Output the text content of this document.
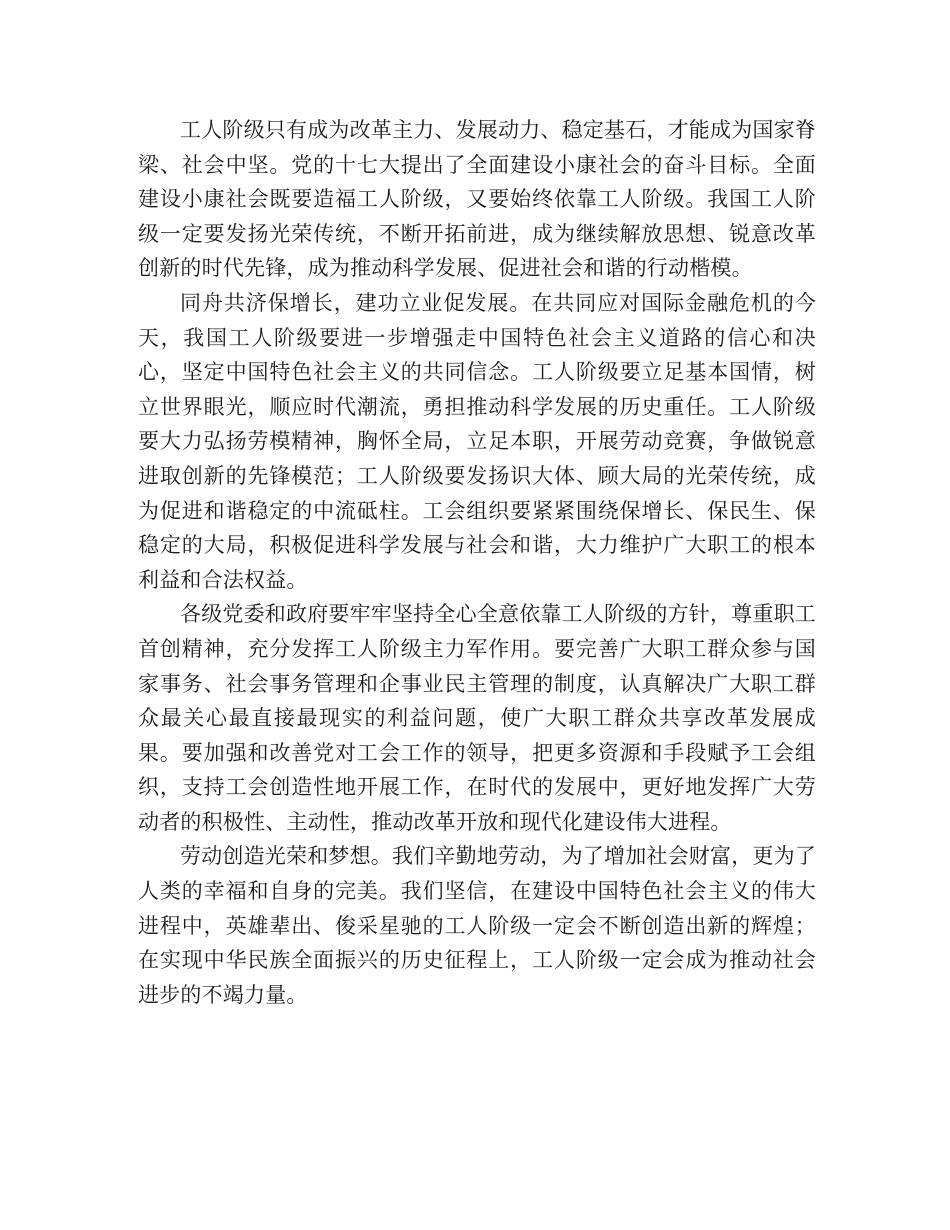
工人阶级只有成为改革主力、发展动力、稳定基石，才能成为国家脊梁、社会中坚。党的十七大提出了全面建设小康社会的奋斗目标。全面建设小康社会既要造福工人阶级，又要始终依靠工人阶级。我国工人阶级一定要发扬光荣传统，不断开拓前进，成为继续解放思想、锐意改革创新的时代先锋，成为推动科学发展、促进社会和谐的行动楷模。

同舟共济保增长，建功立业促发展。在共同应对国际金融危机的今天，我国工人阶级要进一步增强走中国特色社会主义道路的信心和决心，坚定中国特色社会主义的共同信念。工人阶级要立足基本国情，树立世界眼光，顺应时代潮流，勇担推动科学发展的历史重任。工人阶级要大力弘扬劳模精神，胸怀全局，立足本职，开展劳动竞赛，争做锐意进取创新的先锋模范；工人阶级要发扬识大体、顾大局的光荣传统，成为促进和谐稳定的中流砥柱。工会组织要紧紧围绕保增长、保民生、保稳定的大局，积极促进科学发展与社会和谐，大力维护广大职工的根本利益和合法权益。

各级党委和政府要牢牢坚持全心全意依靠工人阶级的方针，尊重职工首创精神，充分发挥工人阶级主力军作用。要完善广大职工群众参与国家事务、社会事务管理和企事业民主管理的制度，认真解决广大职工群众最关心最直接最现实的利益问题，使广大职工群众共享改革发展成果。要加强和改善党对工会工作的领导，把更多资源和手段赋予工会组织，支持工会创造性地开展工作，在时代的发展中，更好地发挥广大劳动者的积极性、主动性，推动改革开放和现代化建设伟大进程。

劳动创造光荣和梦想。我们辛勤地劳动，为了增加社会财富，更为了人类的幸福和自身的完美。我们坚信，在建设中国特色社会主义的伟大进程中，英雄辈出、俊采星驰的工人阶级一定会不断创造出新的辉煌；在实现中华民族全面振兴的历史征程上，工人阶级一定会成为推动社会进步的不竭力量。
